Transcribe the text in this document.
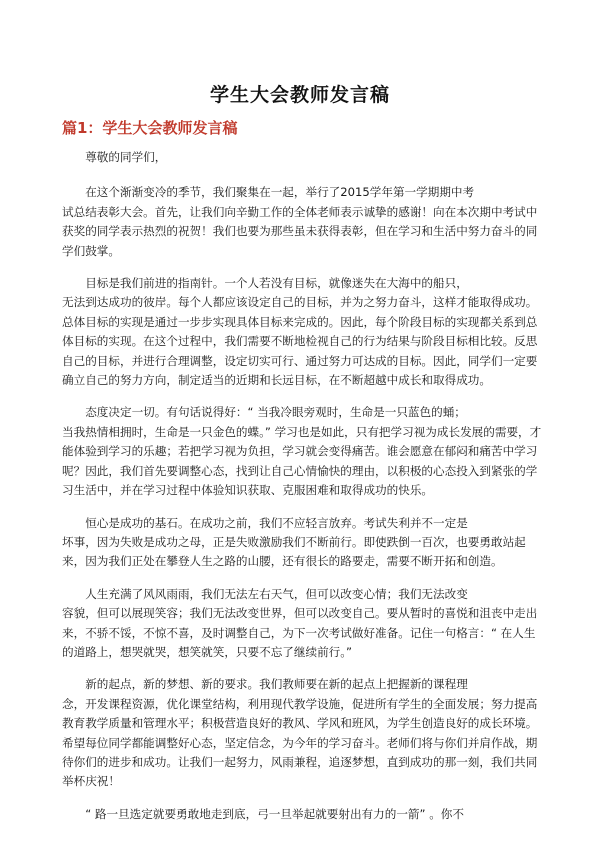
学生大会教师发言稿
篇1：学生大会教师发言稿

尊敬的同学们，

在这个渐渐变冷的季节，我们聚集在一起，举行了2015学年第一学期期中考
试总结表彰大会。首先，让我们向辛勤工作的全体老师表示诚挚的感谢！向在本次期中考试中获奖的同学表示热烈的祝贺！我们也要为那些虽未获得表彰，但在学习和生活中努力奋斗的同学们鼓掌。

目标是我们前进的指南针。一个人若没有目标，就像迷失在大海中的船只，
无法到达成功的彼岸。每个人都应该设定自己的目标，并为之努力奋斗，这样才能取得成功。总体目标的实现是通过一步步实现具体目标来完成的。因此，每个阶段目标的实现都关系到总体目标的实现。在这个过程中，我们需要不断地检视自己的行为结果与阶段目标相比较。反思自己的目标，并进行合理调整，设定切实可行、通过努力可达成的目标。因此，同学们一定要确立自己的努力方向，制定适当的近期和长远目标，在不断超越中成长和取得成功。

态度决定一切。有句话说得好：“ 当我冷眼旁观时，生命是一只蓝色的蛹；
当我热情相拥时，生命是一只金色的蝶。” 学习也是如此，只有把学习视为成长发展的需要，才能体验到学习的乐趣；若把学习视为负担，学习就会变得痛苦。谁会愿意在郁闷和痛苦中学习呢？因此，我们首先要调整心态，找到让自己心情愉快的理由，以积极的心态投入到紧张的学习生活中，并在学习过程中体验知识获取、克服困难和取得成功的快乐。

恒心是成功的基石。在成功之前，我们不应轻言放弃。考试失利并不一定是
坏事，因为失败是成功之母，正是失败激励我们不断前行。即使跌倒一百次，也要勇敢站起来，因为我们正处在攀登人生之路的山腰，还有很长的路要走，需要不断开拓和创造。

人生充满了风风雨雨，我们无法左右天气，但可以改变心情；我们无法改变
容貌，但可以展现笑容；我们无法改变世界，但可以改变自己。要从暂时的喜悦和沮丧中走出来，不骄不馁，不惊不喜，及时调整自己，为下一次考试做好准备。记住一句格言：“ 在人生的道路上，想哭就哭，想笑就笑，只要不忘了继续前行。”

新的起点，新的梦想、新的要求。我们教师要在新的起点上把握新的课程理
念，开发课程资源，优化课堂结构，利用现代教学设施，促进所有学生的全面发展；努力提高教育教学质量和管理水平；积极营造良好的教风、学风和班风，为学生创造良好的成长环境。希望每位同学都能调整好心态，坚定信念，为今年的学习奋斗。老师们将与你们并肩作战，期待你们的进步和成功。让我们一起努力，风雨兼程，追逐梦想，直到成功的那一刻，我们共同举杯庆祝！

“ 路一旦选定就要勇敢地走到底，弓一旦举起就要射出有力的一箭” 。你不
